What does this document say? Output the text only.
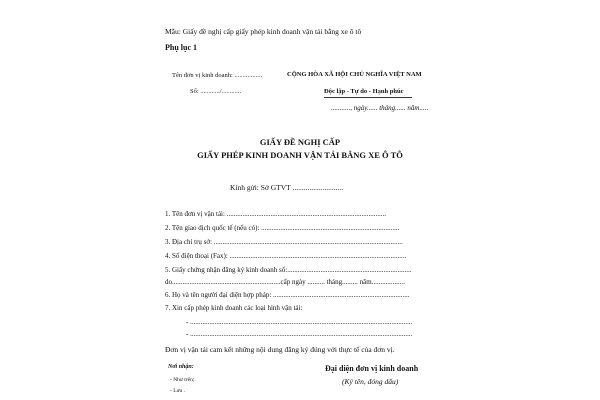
Mẫu: Giấy đề nghị cấp giấy phép kinh doanh vận tải bằng xe ô tô
Phụ lục 1
Tên đơn vị kinh doanh: .................	CỘNG HÒA XÃ HỘI CHỦ NGHĨA VIỆT NAM
Số: ............/............	Độc lập - Tự do - Hạnh phúc
..........., ngày...... tháng...... năm.....
GIẤY ĐỀ NGHỊ CẤP
GIẤY PHÉP KINH DOANH VẬN TẢI BẰNG XE Ô TÔ
Kính gửi: Sở GTVT ...........................
1. Tên đơn vị vận tải: ...........................................................................................
2. Tên giao dịch quốc tế (nếu có): ...............................................................................
3. Địa chỉ trụ sở: ............................................................................................................
4. Số điện thoại (Fax): .....................................................................................................
5. Giấy chứng nhận đăng ký kinh doanh số:.......................................................................
do..............................................................cấp ngày .......... tháng......... năm...................
6. Họ và tên người đại diện hợp pháp: ..............................................................................
7. Xin cấp phép kinh doanh các loại hình vận tải:
- ...............................................................................................................................
- ...............................................................................................................................
Đơn vị vận tải cam kết những nội dung đăng ký đúng với thực tế của đơn vị.
Nơi nhận:
- Như trên;
- Lưu .
Đại diện đơn vị kinh doanh
(Ký tên, đóng dấu)
